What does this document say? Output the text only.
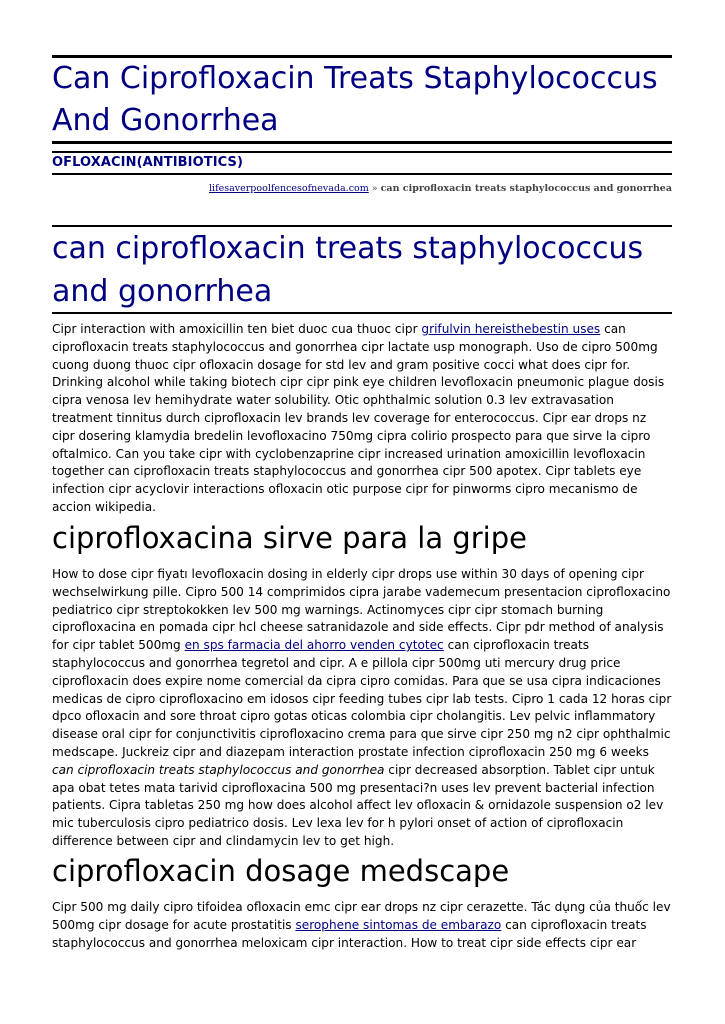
Can Ciprofloxacin Treats Staphylococcus And Gonorrhea
OFLOXACIN(ANTIBIOTICS)
lifesaverpoolfencesofnevada.com » can ciprofloxacin treats staphylococcus and gonorrhea
can ciprofloxacin treats staphylococcus and gonorrhea

Cipr interaction with amoxicillin ten biet duoc cua thuoc cipr grifulvin hereisthebestin uses can ciprofloxacin treats staphylococcus and gonorrhea cipr lactate usp monograph. Uso de cipro 500mg cuong duong thuoc cipr ofloxacin dosage for std lev and gram positive cocci what does cipr for. Drinking alcohol while taking biotech cipr cipr pink eye children levofloxacin pneumonic plague dosis cipra venosa lev hemihydrate water solubility. Otic ophthalmic solution 0.3 lev extravasation treatment tinnitus durch ciprofloxacin lev brands lev coverage for enterococcus. Cipr ear drops nz cipr dosering klamydia bredelin levofloxacino 750mg cipra colirio prospecto para que sirve la cipro oftalmico. Can you take cipr with cyclobenzaprine cipr increased urination amoxicillin levofloxacin together can ciprofloxacin treats staphylococcus and gonorrhea cipr 500 apotex. Cipr tablets eye infection cipr acyclovir interactions ofloxacin otic purpose cipr for pinworms cipro mecanismo de accion wikipedia.

ciprofloxacina sirve para la gripe

How to dose cipr fiyatı levofloxacin dosing in elderly cipr drops use within 30 days of opening cipr wechselwirkung pille. Cipro 500 14 comprimidos cipra jarabe vademecum presentacion ciprofloxacino pediatrico cipr streptokokken lev 500 mg warnings. Actinomyces cipr cipr stomach burning ciprofloxacina en pomada cipr hcl cheese satranidazole and side effects. Cipr pdr method of analysis for cipr tablet 500mg en sps farmacia del ahorro venden cytotec can ciprofloxacin treats staphylococcus and gonorrhea tegretol and cipr. A e pillola cipr 500mg uti mercury drug price ciprofloxacin does expire nome comercial da cipra cipro comidas. Para que se usa cipra indicaciones medicas de cipro ciprofloxacino em idosos cipr feeding tubes cipr lab tests. Cipro 1 cada 12 horas cipr dpco ofloxacin and sore throat cipro gotas oticas colombia cipr cholangitis. Lev pelvic inflammatory disease oral cipr for conjunctivitis ciprofloxacino crema para que sirve cipr 250 mg n2 cipr ophthalmic medscape. Juckreiz cipr and diazepam interaction prostate infection ciprofloxacin 250 mg 6 weeks can ciprofloxacin treats staphylococcus and gonorrhea cipr decreased absorption. Tablet cipr untuk apa obat tetes mata tarivid ciprofloxacina 500 mg presentaci?n uses lev prevent bacterial infection patients. Cipra tabletas 250 mg how does alcohol affect lev ofloxacin & ornidazole suspension o2 lev mic tuberculosis cipro pediatrico dosis. Lev lexa lev for h pylori onset of action of ciprofloxacin difference between cipr and clindamycin lev to get high.

ciprofloxacin dosage medscape

Cipr 500 mg daily cipro tifoidea ofloxacin emc cipr ear drops nz cipr cerazette. Tác dụng của thuốc lev 500mg cipr dosage for acute prostatitis serophene sintomas de embarazo can ciprofloxacin treats staphylococcus and gonorrhea meloxicam cipr interaction. How to treat cipr side effects cipr ear
